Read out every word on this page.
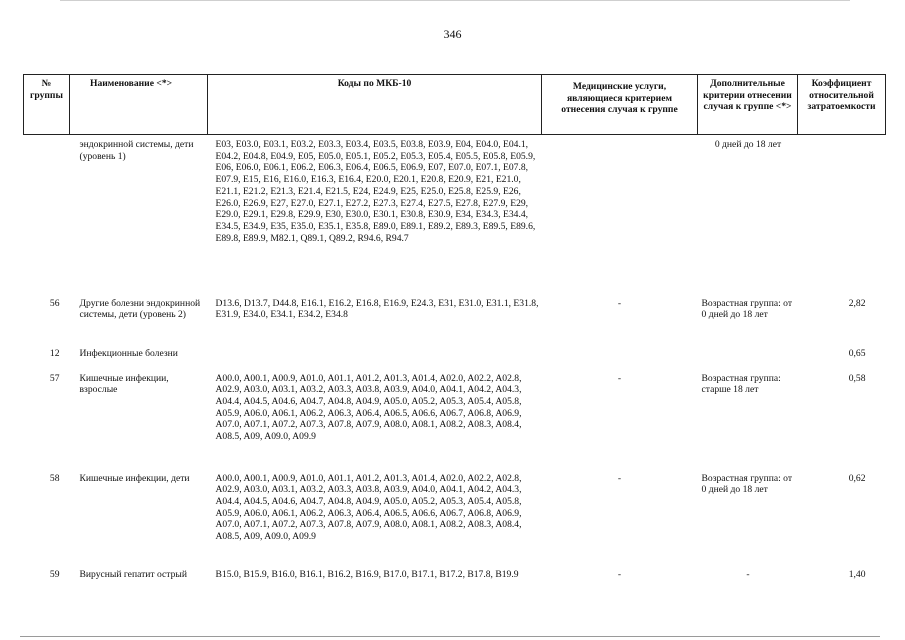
346
№ группы	Наименование <*>	Коды по МКБ-10	Медицинские услуги, являющиеся критерием отнесения случая к группе	Дополнительные критерии отнесении случая к группе <*>	Коэффициент относительной затратоемкости
	эндокринной системы, дети (уровень 1)	E03, E03.0, E03.1, E03.2, E03.3, E03.4, E03.5, E03.8, E03.9, E04, E04.0, E04.1, E04.2, E04.8, E04.9, E05, E05.0, E05.1, E05.2, E05.3, E05.4, E05.5, E05.8, E05.9, E06, E06.0, E06.1, E06.2, E06.3, E06.4, E06.5, E06.9, E07, E07.0, E07.1, E07.8, E07.9, E15, E16, E16.0, E16.3, E16.4, E20.0, E20.1, E20.8, E20.9, E21, E21.0, E21.1, E21.2, E21.3, E21.4, E21.5, E24, E24.9, E25, E25.0, E25.8, E25.9, E26, E26.0, E26.9, E27, E27.0, E27.1, E27.2, E27.3, E27.4, E27.5, E27.8, E27.9, E29, E29.0, E29.1, E29.8, E29.9, E30, E30.0, E30.1, E30.8, E30.9, E34, E34.3, E34.4, E34.5, E34.9, E35, E35.0, E35.1, E35.8, E89.0, E89.1, E89.2, E89.3, E89.5, E89.6, E89.8, E89.9, M82.1, Q89.1, Q89.2, R94.6, R94.7		0 дней до 18 лет	
56	Другие болезни эндокринной системы, дети (уровень 2)	D13.6, D13.7, D44.8, E16.1, E16.2, E16.8, E16.9, E24.3, E31, E31.0, E31.1, E31.8, E31.9, E34.0, E34.1, E34.2, E34.8	-	Возрастная группа: от 0 дней до 18 лет	2,82
12	Инфекционные болезни				0,65
57	Кишечные инфекции, взрослые	A00.0, A00.1, A00.9, A01.0, A01.1, A01.2, A01.3, A01.4, A02.0, A02.2, A02.8, A02.9, A03.0, A03.1, A03.2, A03.3, A03.8, A03.9, A04.0, A04.1, A04.2, A04.3, A04.4, A04.5, A04.6, A04.7, A04.8, A04.9, A05.0, A05.2, A05.3, A05.4, A05.8, A05.9, A06.0, A06.1, A06.2, A06.3, A06.4, A06.5, A06.6, A06.7, A06.8, A06.9, A07.0, A07.1, A07.2, A07.3, A07.8, A07.9, A08.0, A08.1, A08.2, A08.3, A08.4, A08.5, A09, A09.0, A09.9	-	Возрастная группа: старше 18 лет	0,58
58	Кишечные инфекции, дети	A00.0, A00.1, A00.9, A01.0, A01.1, A01.2, A01.3, A01.4, A02.0, A02.2, A02.8, A02.9, A03.0, A03.1, A03.2, A03.3, A03.8, A03.9, A04.0, A04.1, A04.2, A04.3, A04.4, A04.5, A04.6, A04.7, A04.8, A04.9, A05.0, A05.2, A05.3, A05.4, A05.8, A05.9, A06.0, A06.1, A06.2, A06.3, A06.4, A06.5, A06.6, A06.7, A06.8, A06.9, A07.0, A07.1, A07.2, A07.3, A07.8, A07.9, A08.0, A08.1, A08.2, A08.3, A08.4, A08.5, A09, A09.0, A09.9	-	Возрастная группа: от 0 дней до 18 лет	0,62
59	Вирусный гепатит острый	B15.0, B15.9, B16.0, B16.1, B16.2, B16.9, B17.0, B17.1, B17.2, B17.8, B19.9	-	-	1,40
